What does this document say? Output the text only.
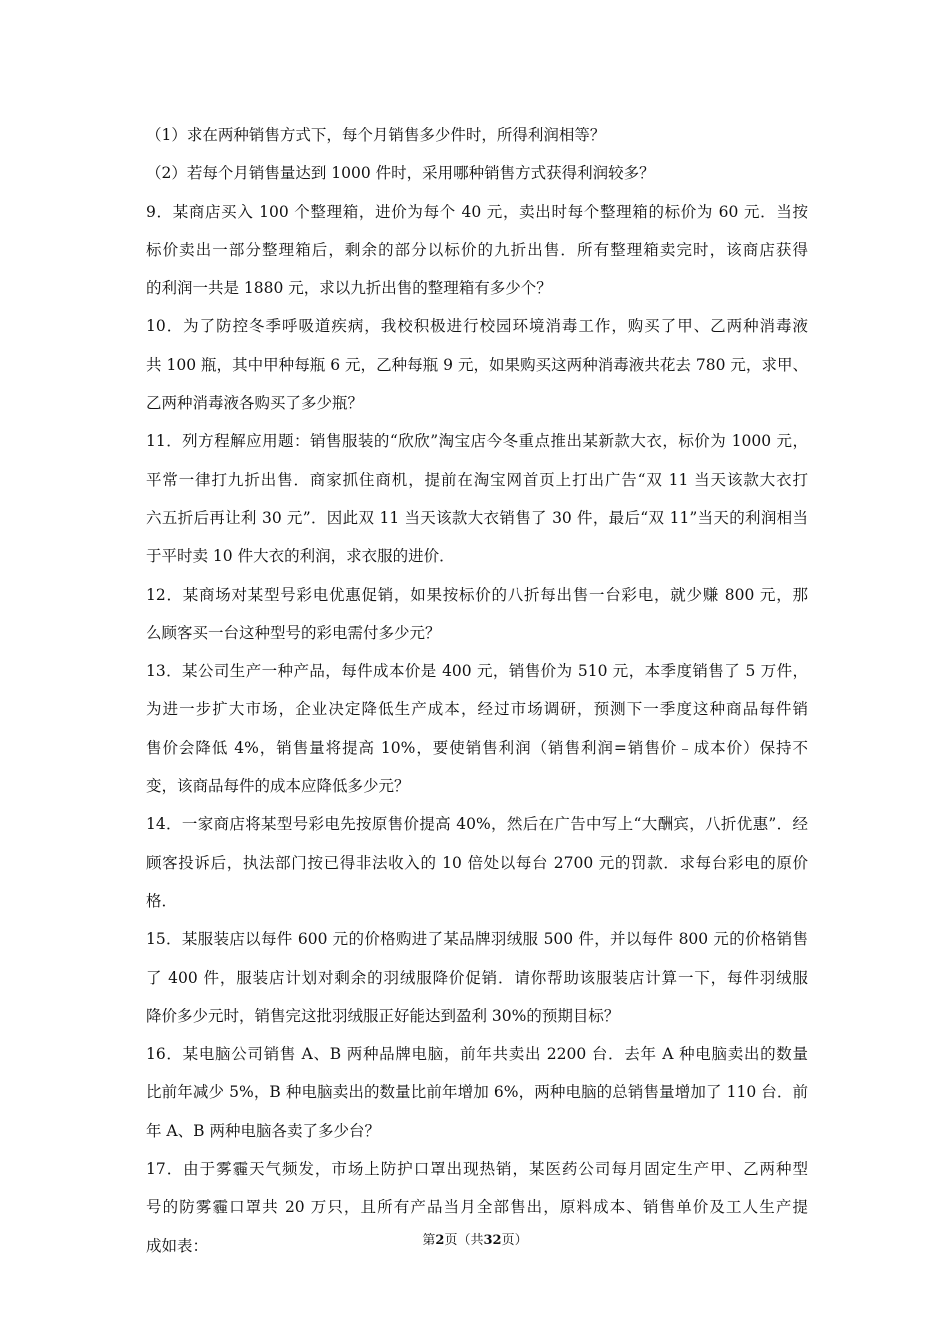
（1）求在两种销售方式下，每个月销售多少件时，所得利润相等？
（2）若每个月销售量达到 1000 件时，采用哪种销售方式获得利润较多？
9．某商店买入 100 个整理箱，进价为每个 40 元，卖出时每个整理箱的标价为 60 元．当按
标价卖出一部分整理箱后，剩余的部分以标价的九折出售．所有整理箱卖完时，该商店获得
的利润一共是 1880 元，求以九折出售的整理箱有多少个？
10．为了防控冬季呼吸道疾病，我校积极进行校园环境消毒工作，购买了甲、乙两种消毒液
共 100 瓶，其中甲种每瓶 6 元，乙种每瓶 9 元，如果购买这两种消毒液共花去 780 元，求甲、
乙两种消毒液各购买了多少瓶？
11．列方程解应用题：销售服装的“欣欣”淘宝店今冬重点推出某新款大衣，标价为 1000 元，
平常一律打九折出售．商家抓住商机，提前在淘宝网首页上打出广告“双 11 当天该款大衣打
六五折后再让利 30 元”．因此双 11 当天该款大衣销售了 30 件，最后“双 11”当天的利润相当
于平时卖 10 件大衣的利润，求衣服的进价．
12．某商场对某型号彩电优惠促销，如果按标价的八折每出售一台彩电，就少赚 800 元，那
么顾客买一台这种型号的彩电需付多少元？
13．某公司生产一种产品，每件成本价是 400 元，销售价为 510 元，本季度销售了 5 万件，
为进一步扩大市场，企业决定降低生产成本，经过市场调研，预测下一季度这种商品每件销
售价会降低 4%，销售量将提高 10%，要使销售利润（销售利润=销售价﹣成本价）保持不
变，该商品每件的成本应降低多少元？
14．一家商店将某型号彩电先按原售价提高 40%，然后在广告中写上“大酬宾，八折优惠”．经
顾客投诉后，执法部门按已得非法收入的 10 倍处以每台 2700 元的罚款．求每台彩电的原价
格．
15．某服装店以每件 600 元的价格购进了某品牌羽绒服 500 件，并以每件 800 元的价格销售
了 400 件，服装店计划对剩余的羽绒服降价促销．请你帮助该服装店计算一下，每件羽绒服
降价多少元时，销售完这批羽绒服正好能达到盈利 30%的预期目标？
16．某电脑公司销售 A、B 两种品牌电脑，前年共卖出 2200 台．去年 A 种电脑卖出的数量
比前年减少 5%，B 种电脑卖出的数量比前年增加 6%，两种电脑的总销售量增加了 110 台．前
年 A、B 两种电脑各卖了多少台？
17．由于雾霾天气频发，市场上防护口罩出现热销，某医药公司每月固定生产甲、乙两种型
号的防雾霾口罩共 20 万只，且所有产品当月全部售出，原料成本、销售单价及工人生产提
成如表：	第2页（共32页）
